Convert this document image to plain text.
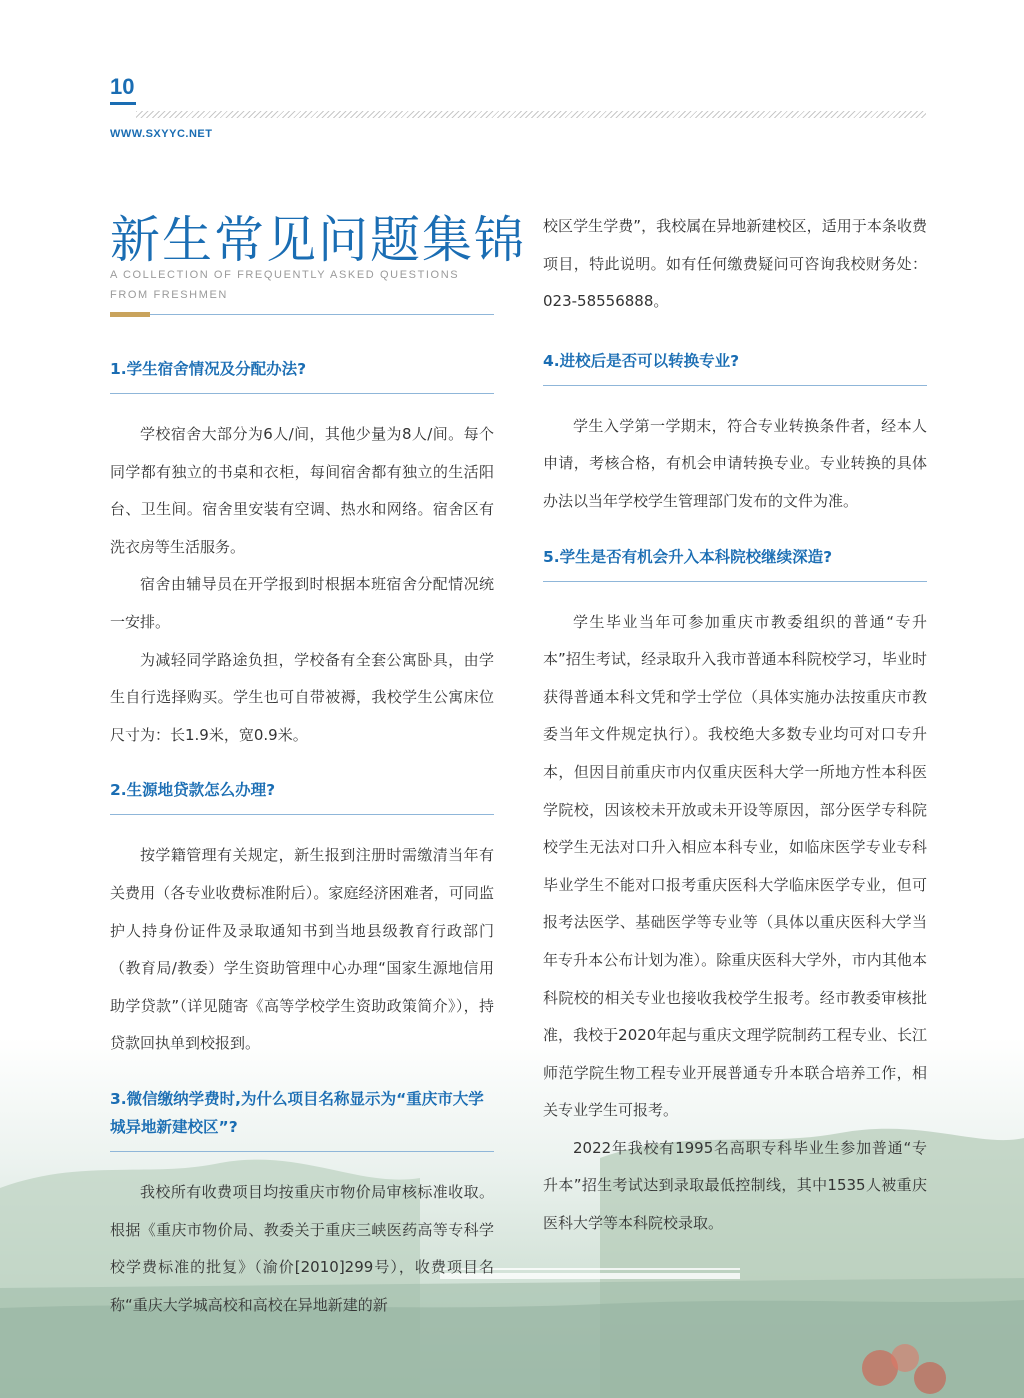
10
WWW.SXYYC.NET
新生常见问题集锦
A COLLECTION OF FREQUENTLY ASKED QUESTIONS FROM FRESHMEN
1.学生宿舍情况及分配办法?

学校宿舍大部分为6人/间，其他少量为8人/间。每个同学都有独立的书桌和衣柜，每间宿舍都有独立的生活阳台、卫生间。宿舍里安装有空调、热水和网络。宿舍区有洗衣房等生活服务。

宿舍由辅导员在开学报到时根据本班宿舍分配情况统一安排。

为减轻同学路途负担，学校备有全套公寓卧具，由学生自行选择购买。学生也可自带被褥，我校学生公寓床位尺寸为：长1.9米，宽0.9米。

2.生源地贷款怎么办理?

按学籍管理有关规定，新生报到注册时需缴清当年有关费用（各专业收费标准附后）。家庭经济困难者，可同监护人持身份证件及录取通知书到当地县级教育行政部门（教育局/教委）学生资助管理中心办理“国家生源地信用助学贷款”（详见随寄《高等学校学生资助政策简介》），持贷款回执单到校报到。

3.微信缴纳学费时,为什么项目名称显示为“重庆市大学城异地新建校区”?

我校所有收费项目均按重庆市物价局审核标准收取。根据《重庆市物价局、教委关于重庆三峡医药高等专科学校学费标准的批复》（渝价[2010]299号），收费项目名称“重庆大学城高校和高校在异地新建的新

校区学生学费”，我校属在异地新建校区，适用于本条收费项目，特此说明。如有任何缴费疑问可咨询我校财务处：023-58556888。

4.进校后是否可以转换专业?

学生入学第一学期末，符合专业转换条件者，经本人申请，考核合格，有机会申请转换专业。专业转换的具体办法以当年学校学生管理部门发布的文件为准。

5.学生是否有机会升入本科院校继续深造?

学生毕业当年可参加重庆市教委组织的普通“专升本”招生考试，经录取升入我市普通本科院校学习，毕业时获得普通本科文凭和学士学位（具体实施办法按重庆市教委当年文件规定执行）。我校绝大多数专业均可对口专升本，但因目前重庆市内仅重庆医科大学一所地方性本科医学院校，因该校未开放或未开设等原因，部分医学专科院校学生无法对口升入相应本科专业，如临床医学专业专科毕业学生不能对口报考重庆医科大学临床医学专业，但可报考法医学、基础医学等专业等（具体以重庆医科大学当年专升本公布计划为准）。除重庆医科大学外，市内其他本科院校的相关专业也接收我校学生报考。经市教委审核批准，我校于2020年起与重庆文理学院制药工程专业、长江师范学院生物工程专业开展普通专升本联合培养工作，相关专业学生可报考。

2022年我校有1995名高职专科毕业生参加普通“专升本”招生考试达到录取最低控制线，其中1535人被重庆医科大学等本科院校录取。
